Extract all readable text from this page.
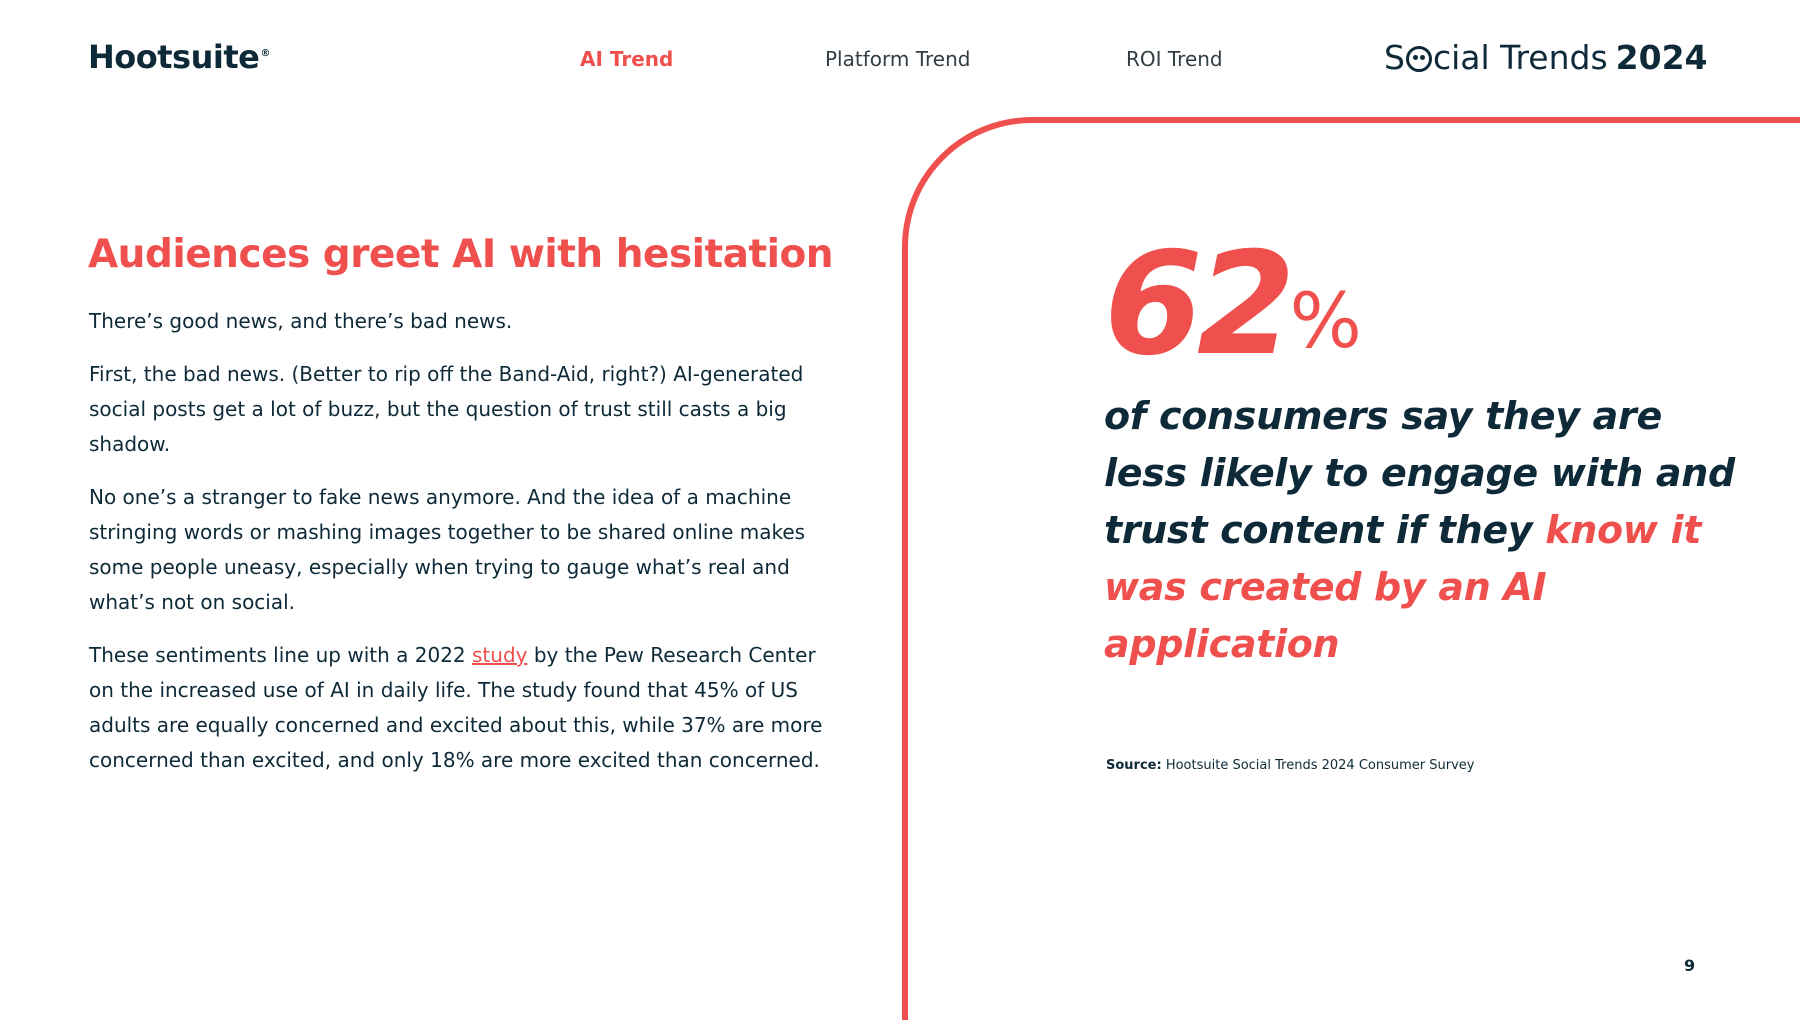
Hootsuite®	AI Trend	Platform Trend	ROI Trend	S cial Trends 2024
Audiences greet AI with hesitation

There’s good news, and there’s bad news.

First, the bad news. (Better to rip off the Band-Aid, right?) AI-generated social posts get a lot of buzz, but the question of trust still casts a big shadow.

No one’s a stranger to fake news anymore. And the idea of a machine stringing words or mashing images together to be shared online makes some people uneasy, especially when trying to gauge what’s real and what’s not on social.

These sentiments line up with a 2022 study by the Pew Research Center on the increased use of AI in daily life. The study found that 45% of US adults are equally concerned and excited about this, while 37% are more concerned than excited, and only 18% are more excited than concerned.

62%

of consumers say they are less likely to engage with and trust content if they know it was created by an AI application

Source: Hootsuite Social Trends 2024 Consumer Survey
9
